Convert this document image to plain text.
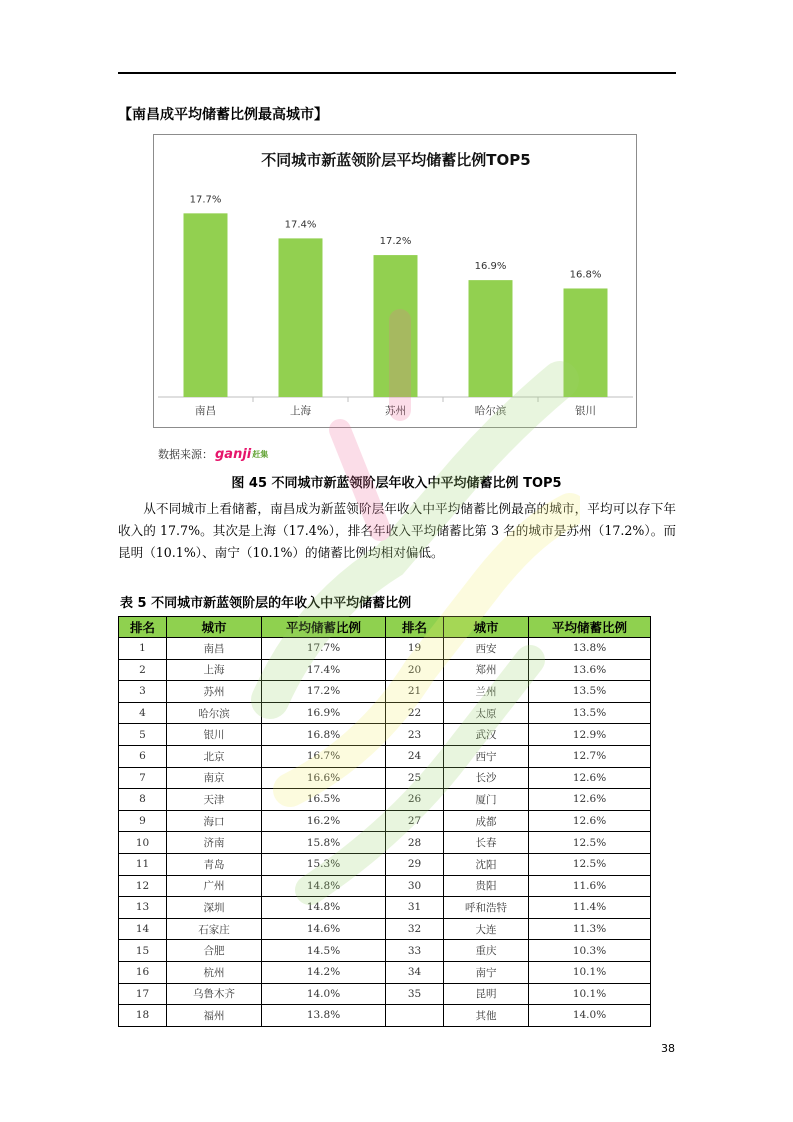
【南昌成平均储蓄比例最高城市】
不同城市新蓝领阶层平均储蓄比例TOP5
17.7%
南昌
17.4%
上海
17.2%
苏州
16.9%
哈尔滨
16.8%
银川
数据来源： ganji 赶集
图 45 不同城市新蓝领阶层年收入中平均储蓄比例 TOP5
从不同城市上看储蓄，南昌成为新蓝领阶层年收入中平均储蓄比例最高的城市，平均可以存下年收入的 17.7%。其次是上海（17.4%），排名年收入平均储蓄比第 3 名的城市是苏州（17.2%）。而昆明（10.1%）、南宁（10.1%）的储蓄比例均相对偏低。
表 5 不同城市新蓝领阶层的年收入中平均储蓄比例
排名	城市	平均储蓄比例	排名	城市	平均储蓄比例
1	南昌	17.7%	19	西安	13.8%
2	上海	17.4%	20	郑州	13.6%
3	苏州	17.2%	21	兰州	13.5%
4	哈尔滨	16.9%	22	太原	13.5%
5	银川	16.8%	23	武汉	12.9%
6	北京	16.7%	24	西宁	12.7%
7	南京	16.6%	25	长沙	12.6%
8	天津	16.5%	26	厦门	12.6%
9	海口	16.2%	27	成都	12.6%
10	济南	15.8%	28	长春	12.5%
11	青岛	15.3%	29	沈阳	12.5%
12	广州	14.8%	30	贵阳	11.6%
13	深圳	14.8%	31	呼和浩特	11.4%
14	石家庄	14.6%	32	大连	11.3%
15	合肥	14.5%	33	重庆	10.3%
16	杭州	14.2%	34	南宁	10.1%
17	乌鲁木齐	14.0%	35	昆明	10.1%
18	福州	13.8%		其他	14.0%
38
